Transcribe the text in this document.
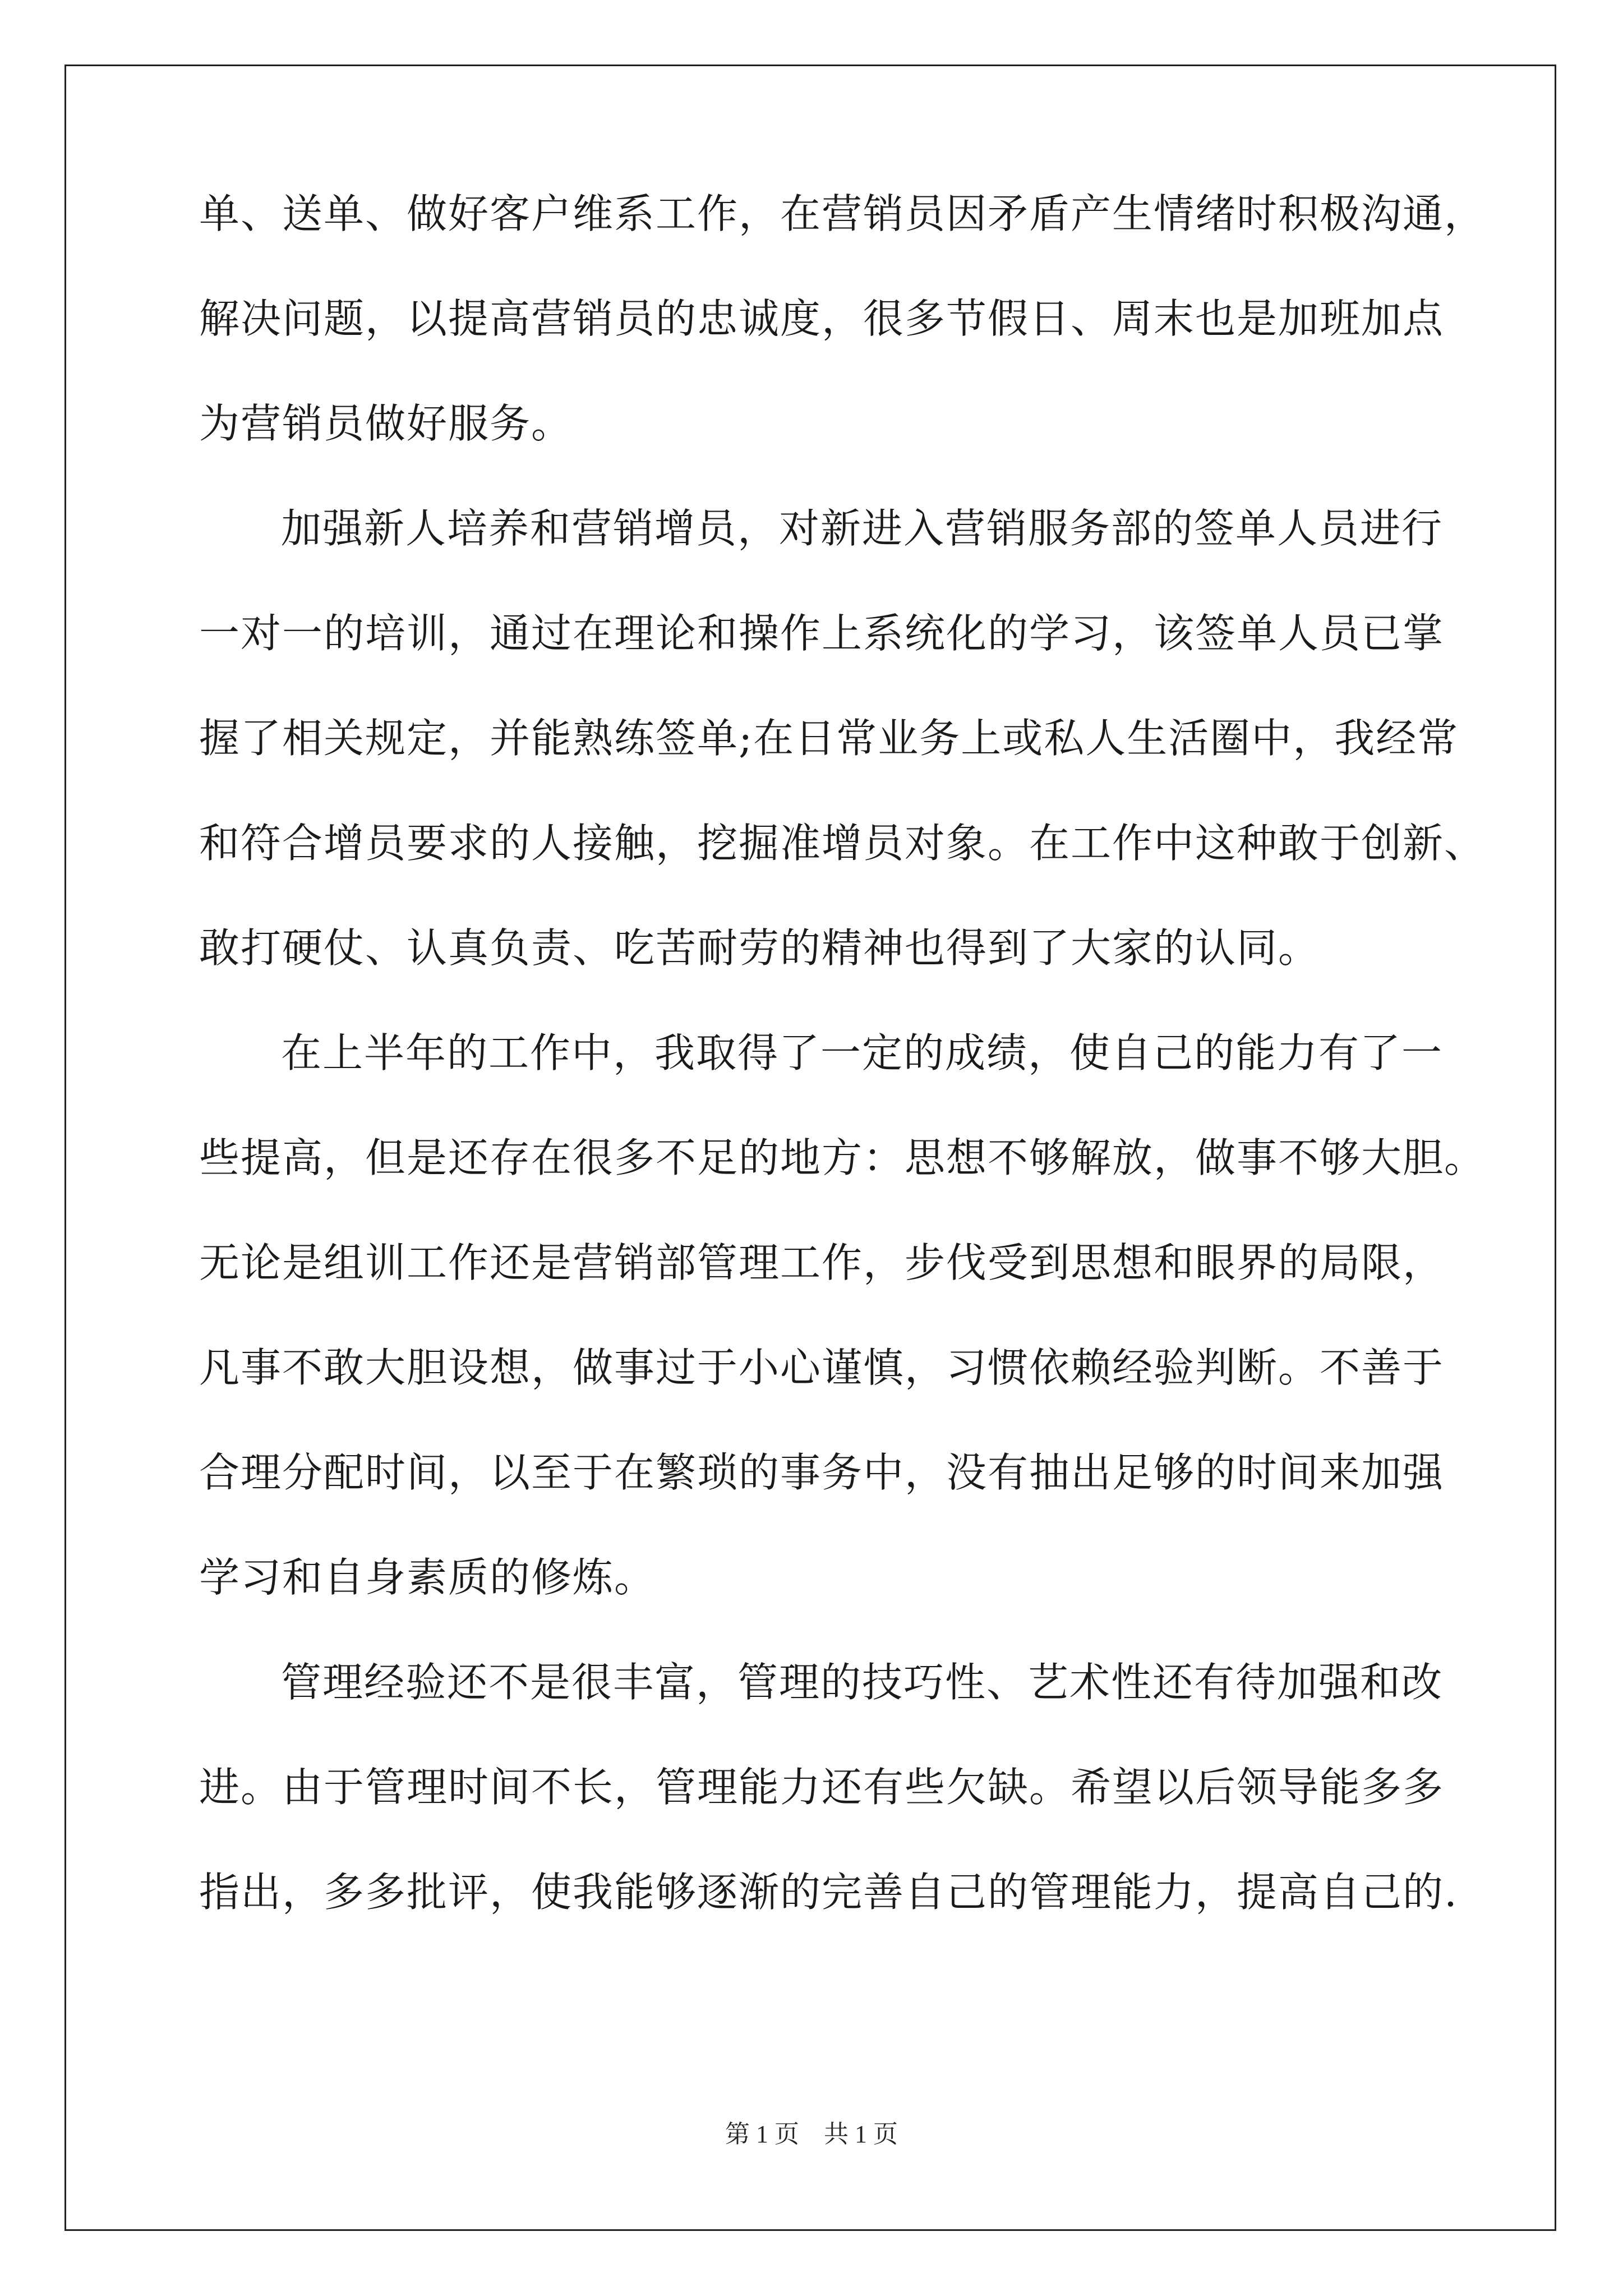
单、送单、做好客户维系工作，在营销员因矛盾产生情绪时积极沟通，
解决问题，以提高营销员的忠诚度，很多节假日、周末也是加班加点
为营销员做好服务。
加强新人培养和营销增员，对新进入营销服务部的签单人员进行
一对一的培训，通过在理论和操作上系统化的学习，该签单人员已掌
握了相关规定，并能熟练签单;在日常业务上或私人生活圈中，我经常
和符合增员要求的人接触，挖掘准增员对象。在工作中这种敢于创新、
敢打硬仗、认真负责、吃苦耐劳的精神也得到了大家的认同。
在上半年的工作中，我取得了一定的成绩，使自己的能力有了一
些提高，但是还存在很多不足的地方：思想不够解放，做事不够大胆。
无论是组训工作还是营销部管理工作，步伐受到思想和眼界的局限，
凡事不敢大胆设想，做事过于小心谨慎，习惯依赖经验判断。不善于
合理分配时间，以至于在繁琐的事务中，没有抽出足够的时间来加强
学习和自身素质的修炼。
管理经验还不是很丰富，管理的技巧性、艺术性还有待加强和改
进。由于管理时间不长，管理能力还有些欠缺。希望以后领导能多多
指出，多多批评，使我能够逐渐的完善自己的管理能力，提高自己的.
第 1 页 共 1 页
